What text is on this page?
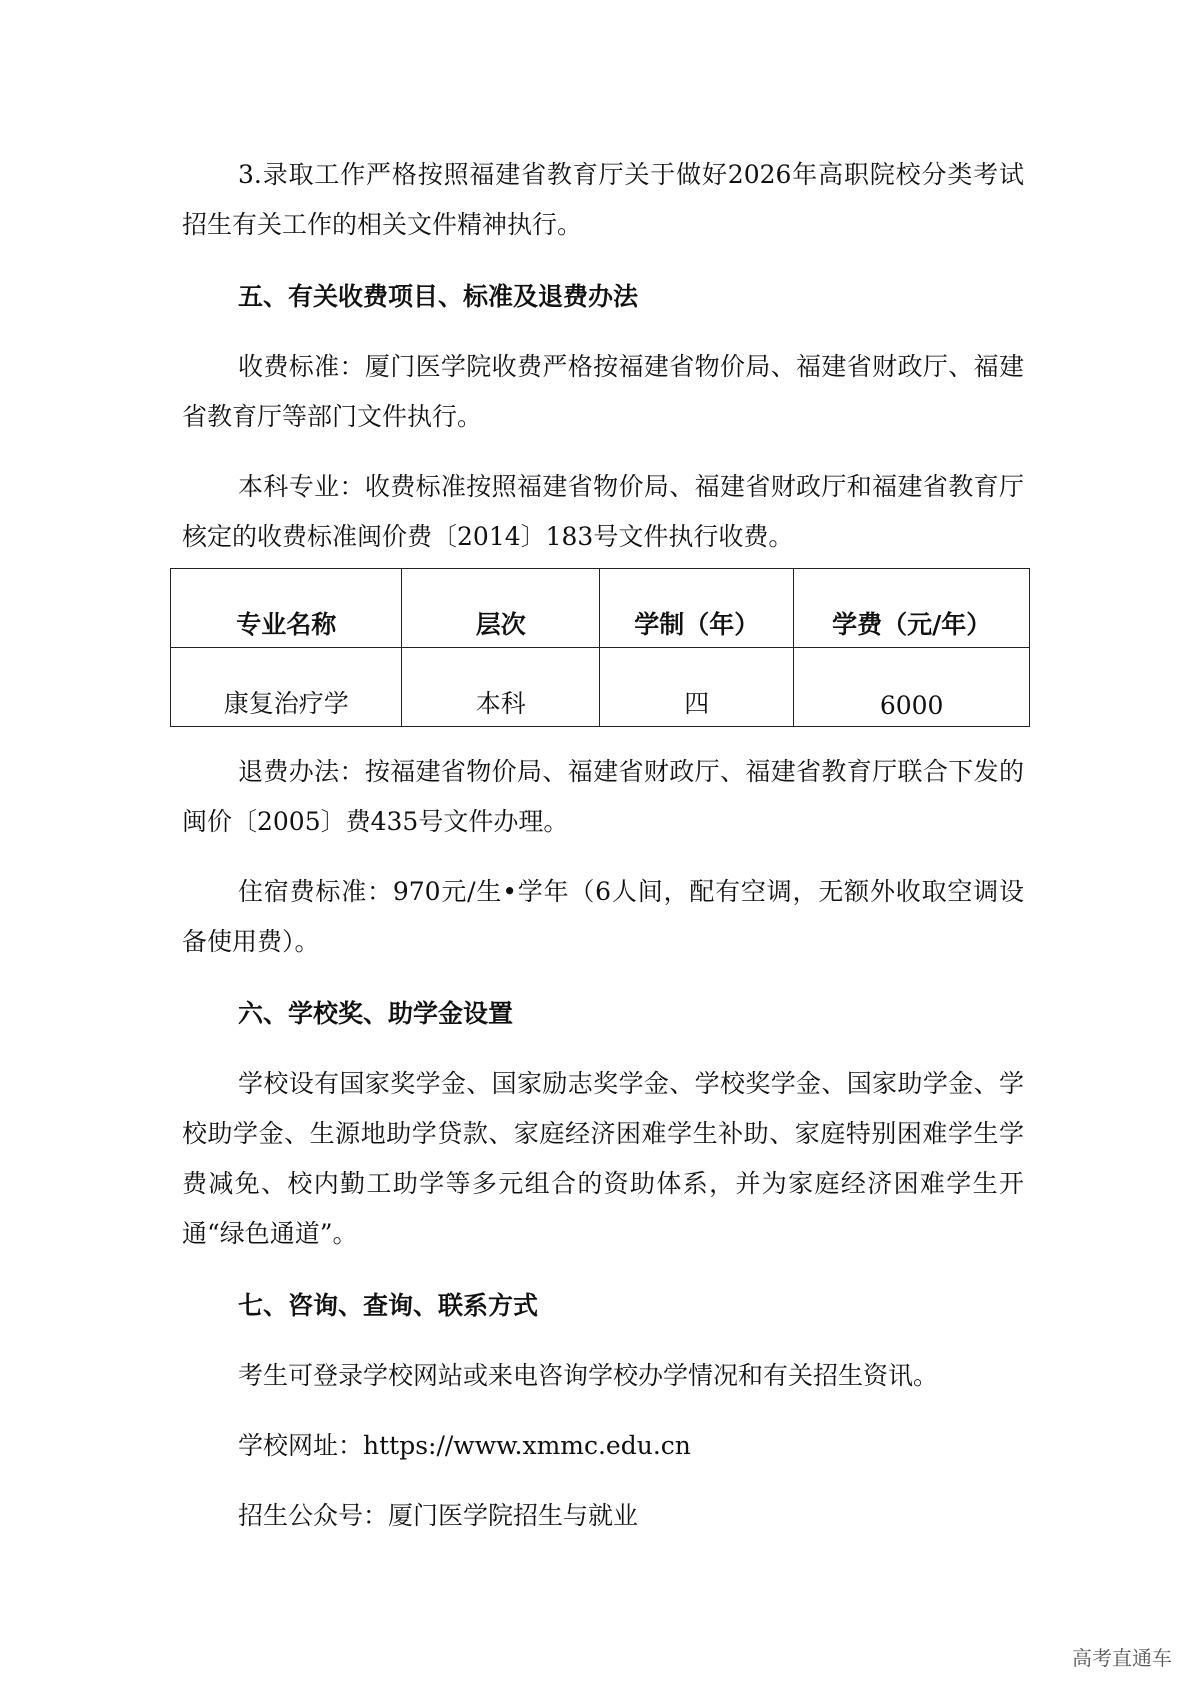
3.录取工作严格按照福建省教育厅关于做好2026年高职院校分类考试招生有关工作的相关文件精神执行。

五、有关收费项目、标准及退费办法

收费标准：厦门医学院收费严格按福建省物价局、福建省财政厅、福建省教育厅等部门文件执行。

本科专业：收费标准按照福建省物价局、福建省财政厅和福建省教育厅核定的收费标准闽价费〔2014〕183号文件执行收费。

专业名称	层次	学制（年）	学费（元/年）
康复治疗学	本科	四	6000

退费办法：按福建省物价局、福建省财政厅、福建省教育厅联合下发的闽价〔2005〕费435号文件办理。

住宿费标准：970元/生•学年（6人间，配有空调，无额外收取空调设备使用费）。

六、学校奖、助学金设置

学校设有国家奖学金、国家励志奖学金、学校奖学金、国家助学金、学校助学金、生源地助学贷款、家庭经济困难学生补助、家庭特别困难学生学费减免、校内勤工助学等多元组合的资助体系，并为家庭经济困难学生开通“绿色通道”。

七、咨询、查询、联系方式

考生可登录学校网站或来电咨询学校办学情况和有关招生资讯。

学校网址：https://www.xmmc.edu.cn

招生公众号：厦门医学院招生与就业

高考直通车
